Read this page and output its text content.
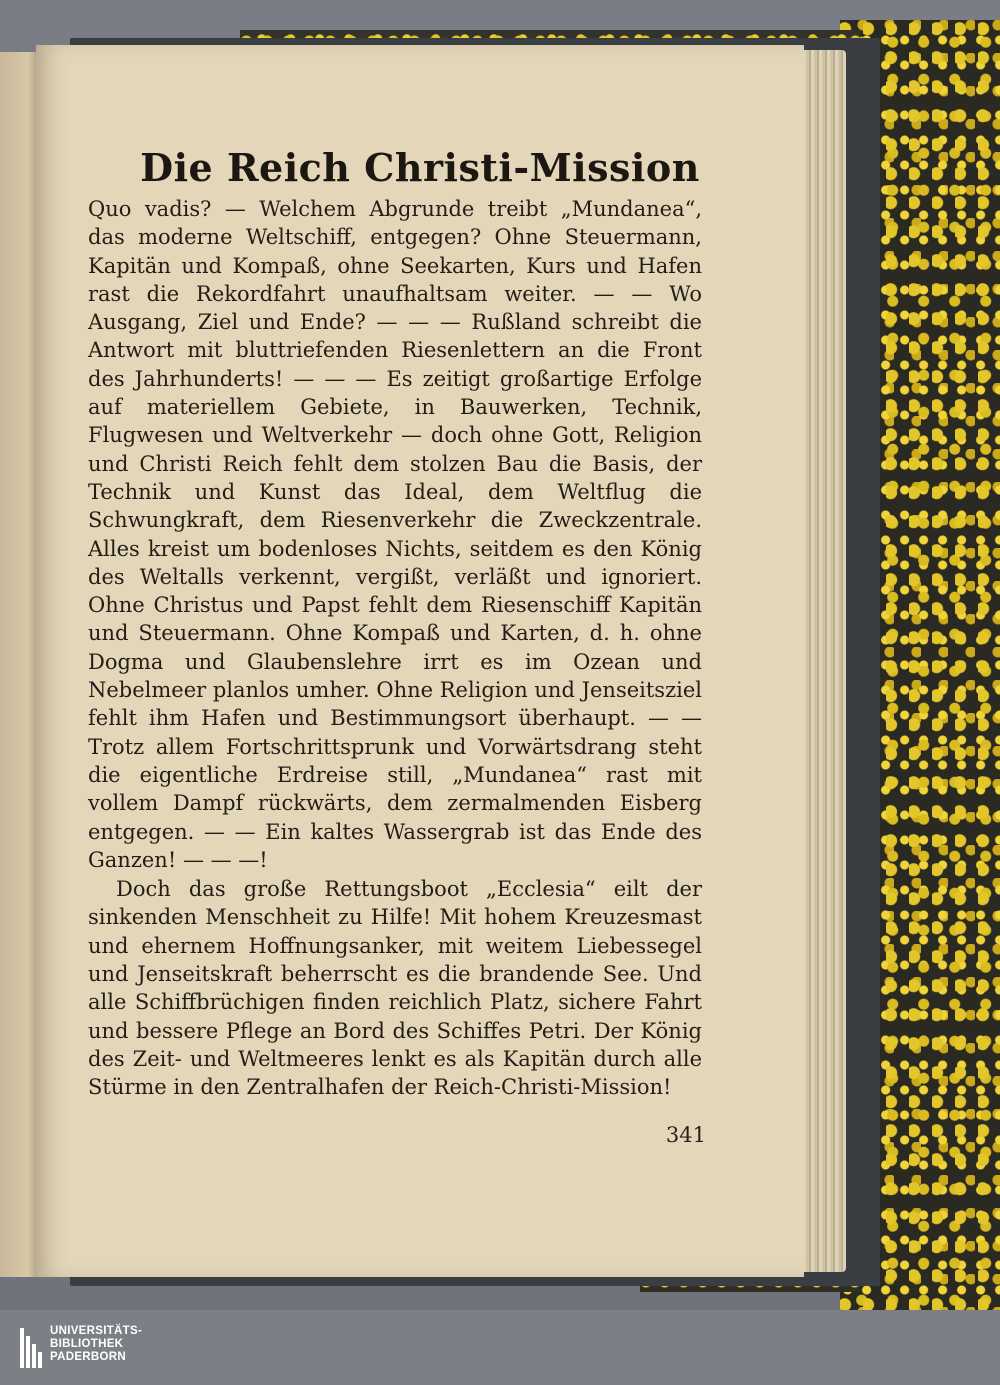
Die Reich Christi-Mission

Quo vadis? — Welchem Abgrunde treibt „Mundanea“, das moderne Weltschiff, entgegen? Ohne Steuermann, Kapitän und Kompaß, ohne Seekarten, Kurs und Hafen rast die Rekordfahrt unaufhaltsam weiter. — — Wo Ausgang, Ziel und Ende? — — — Rußland schreibt die Antwort mit bluttriefenden Riesenlettern an die Front des Jahrhunderts! — — — Es zeitigt großartige Erfolge auf materiellem Gebiete, in Bauwerken, Technik, Flugwesen und Weltverkehr — doch ohne Gott, Religion und Christi Reich fehlt dem stolzen Bau die Basis, der Technik und Kunst das Ideal, dem Weltflug die Schwungkraft, dem Riesenverkehr die Zweckzentrale. Alles kreist um bodenloses Nichts, seitdem es den König des Weltalls verkennt, vergißt, verläßt und ignoriert. Ohne Christus und Papst fehlt dem Riesenschiff Kapitän und Steuermann. Ohne Kompaß und Karten, d. h. ohne Dogma und Glaubenslehre irrt es im Ozean und Nebelmeer planlos umher. Ohne Religion und Jenseitsziel fehlt ihm Hafen und Bestimmungsort überhaupt. — — Trotz allem Fortschrittsprunk und Vorwärtsdrang steht die eigentliche Erdreise still, „Mundanea“ rast mit vollem Dampf rückwärts, dem zermalmenden Eisberg entgegen. — — Ein kaltes Wassergrab ist das Ende des Ganzen! — — —!

Doch das große Rettungsboot „Ecclesia“ eilt der sinkenden Menschheit zu Hilfe! Mit hohem Kreuzesmast und ehernem Hoffnungsanker, mit weitem Liebessegel und Jenseitskraft beherrscht es die brandende See. Und alle Schiffbrüchigen finden reichlich Platz, sichere Fahrt und bessere Pflege an Bord des Schiffes Petri. Der König des Zeit- und Weltmeeres lenkt es als Kapitän durch alle Stürme in den Zentralhafen der Reich-Christi-Mission!

341
UNIVERSITÄTS-
BIBLIOTHEK
PADERBORN
